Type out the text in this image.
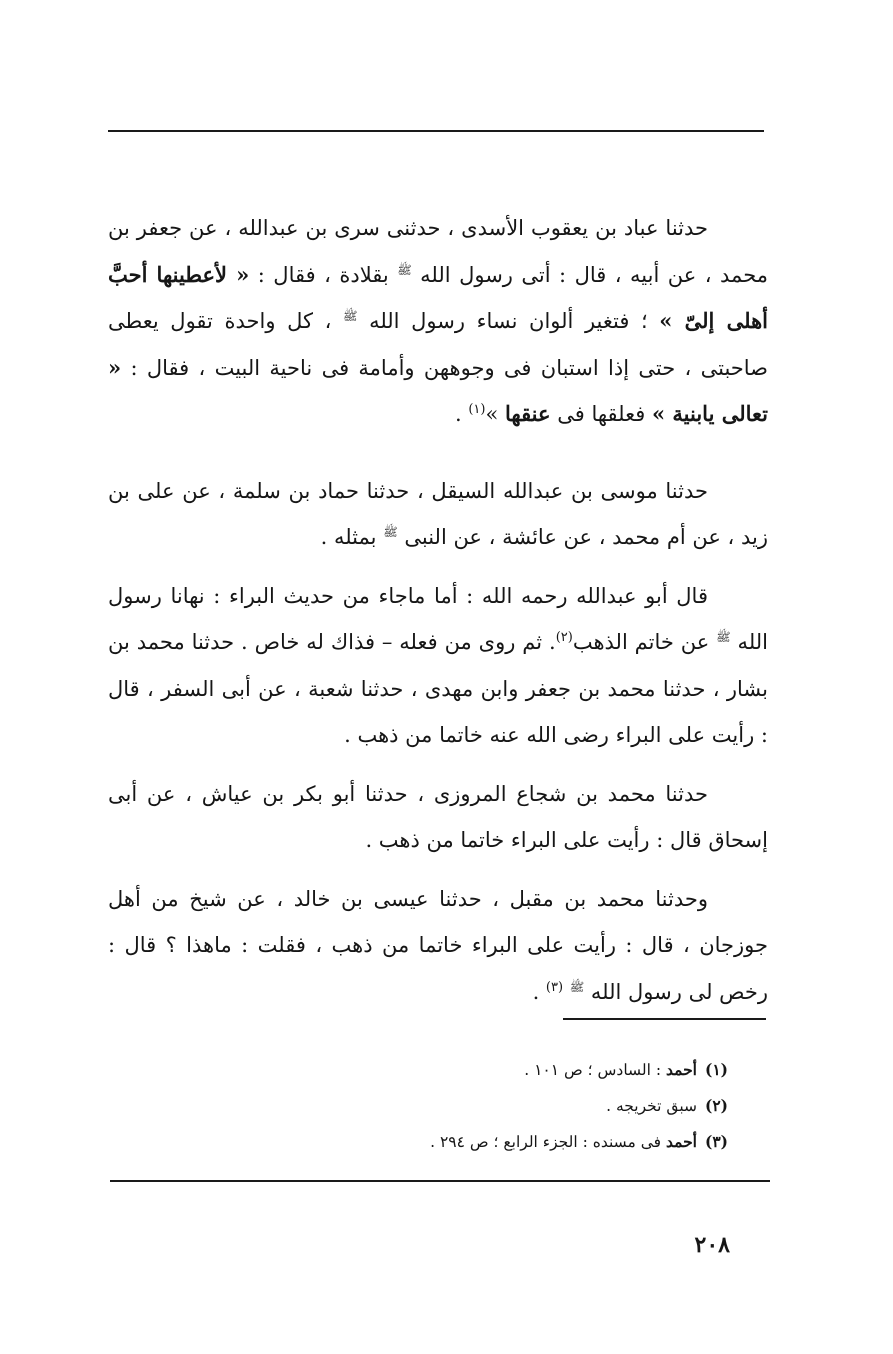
حدثنا عباد بن يعقوب الأسدى ، حدثنى سرى بن عبدالله ، عن جعفر بن محمد ، عن أبيه ، قال : أتى رسول الله $^ﷺ$ بقلادة ، فقال : « لأعطينها أحبَّ أهلى إلىّ » ؛ فتغير ألوان نساء رسول الله $^ﷺ$ ، كل واحدة تقول يعطى صاحبتى ، حتى إذا استبان فى وجوههن وأمامة فى ناحية البيت ، فقال : « تعالى يابنية » فعلقها فى عنقها »$^{(١)}$ .

حدثنا موسى بن عبدالله السيقل ، حدثنا حماد بن سلمة ، عن على بن زيد ، عن أم محمد ، عن عائشة ، عن النبى $^ﷺ$ بمثله .

قال أبو عبدالله رحمه الله : أما ماجاء من حديث البراء : نهانا رسول الله $^ﷺ$ عن خاتم الذهب$^{(٢)}$. ثم روى من فعله – فذاك له خاص . حدثنا محمد بن بشار ، حدثنا محمد بن جعفر وابن مهدى ، حدثنا شعبة ، عن أبى السفر ، قال : رأيت على البراء رضى الله عنه خاتما من ذهب .

حدثنا محمد بن شجاع المروزى ، حدثنا أبو بكر بن عياش ، عن أبى إسحاق قال : رأيت على البراء خاتما من ذهب .

وحدثنا محمد بن مقبل ، حدثنا عيسى بن خالد ، عن شيخ من أهل جوزجان ، قال : رأيت على البراء خاتما من ذهب ، فقلت : ماهذا ؟ قال : رخص لى رسول الله $^ﷺ$ $^{(٣)}$ .

(١)أحمد : السادس ؛ ص ١٠١ .

(٢)سبق تخريجه .

(٣)أحمد فى مسنده : الجزء الرابع ؛ ص ٢٩٤ .

٢٠٨
